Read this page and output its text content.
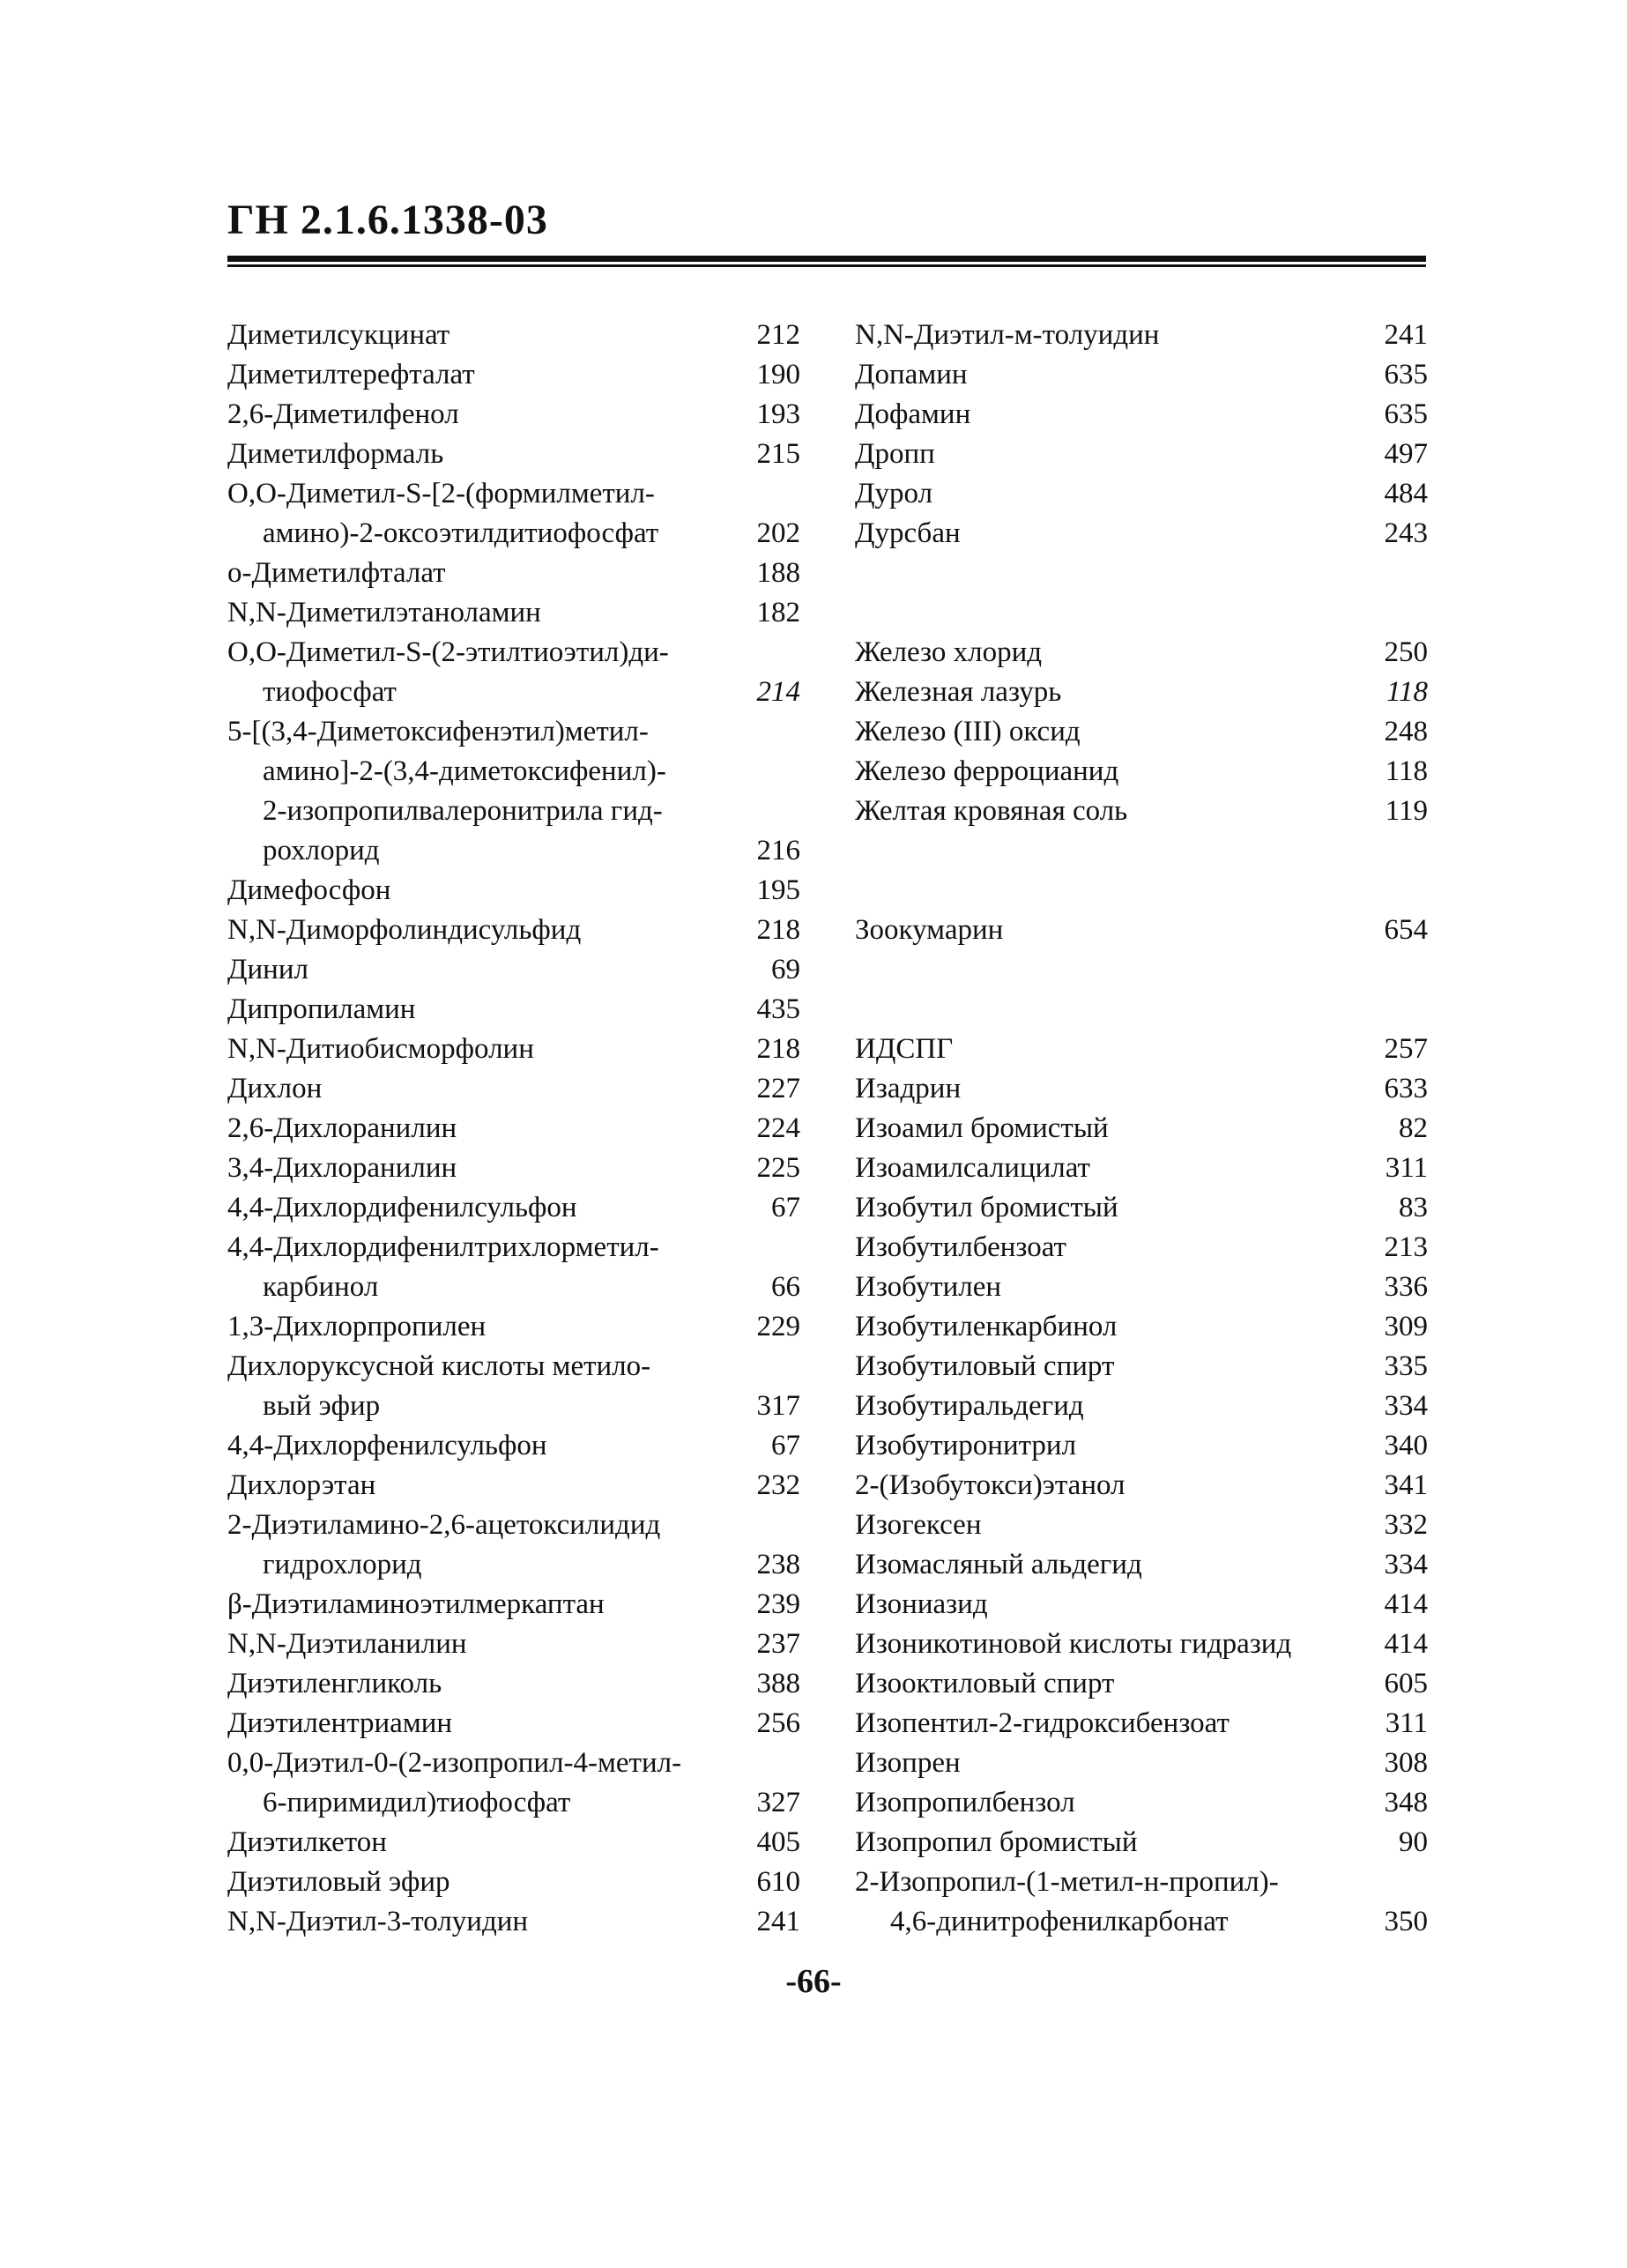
ГН 2.1.6.1338-03
Диметилсукцинат	212
Диметилтерефталат	190
2,6-Диметилфенол	193
Диметилформаль	215
О,О-Диметил-S-[2-(формилметил-
амино)-2-оксоэтилдитиофосфат	202
о-Диметилфталат	188
N,N-Диметилэтаноламин	182
О,О-Диметил-S-(2-этилтиоэтил)ди-
тиофосфат	214
5-[(3,4-Диметоксифенэтил)метил-
амино]-2-(3,4-диметоксифенил)-
2-изопропилвалеронитрила гид-
рохлорид	216
Димефосфон	195
N,N-Диморфолиндисульфид	218
Динил	69
Дипропиламин	435
N,N-Дитиобисморфолин	218
Дихлон	227
2,6-Дихлоранилин	224
3,4-Дихлоранилин	225
4,4-Дихлордифенилсульфон	67
4,4-Дихлордифенилтрихлорметил-
карбинол	66
1,3-Дихлорпропилен	229
Дихлоруксусной кислоты метило-
вый эфир	317
4,4-Дихлорфенилсульфон	67
Дихлорэтан	232
2-Диэтиламино-2,6-ацетоксилидид
гидрохлорид	238
β-Диэтиламиноэтилмеркаптан	239
N,N-Диэтиланилин	237
Диэтиленгликоль	388
Диэтилентриамин	256
0,0-Диэтил-0-(2-изопропил-4-метил-
6-пиримидил)тиофосфат	327
Диэтилкетон	405
Диэтиловый эфир	610
N,N-Диэтил-3-толуидин	241
N,N-Диэтил-м-толуидин	241
Допамин	635
Дофамин	635
Дропп	497
Дурол	484
Дурсбан	243
Железо хлорид	250
Железная лазурь	118
Железо (III) оксид	248
Железо ферроцианид	118
Желтая кровяная соль	119
Зоокумарин	654
ИДСПГ	257
Изадрин	633
Изоамил бромистый	82
Изоамилсалицилат	311
Изобутил бромистый	83
Изобутилбензоат	213
Изобутилен	336
Изобутиленкарбинол	309
Изобутиловый спирт	335
Изобутиральдегид	334
Изобутиронитрил	340
2-(Изобутокси)этанол	341
Изогексен	332
Изомасляный альдегид	334
Изониазид	414
Изоникотиновой кислоты гидразид	414
Изооктиловый спирт	605
Изопентил-2-гидроксибензоат	311
Изопрен	308
Изопропилбензол	348
Изопропил бромистый	90
2-Изопропил-(1-метил-н-пропил)-
4,6-динитрофенилкарбонат	350
-66-
